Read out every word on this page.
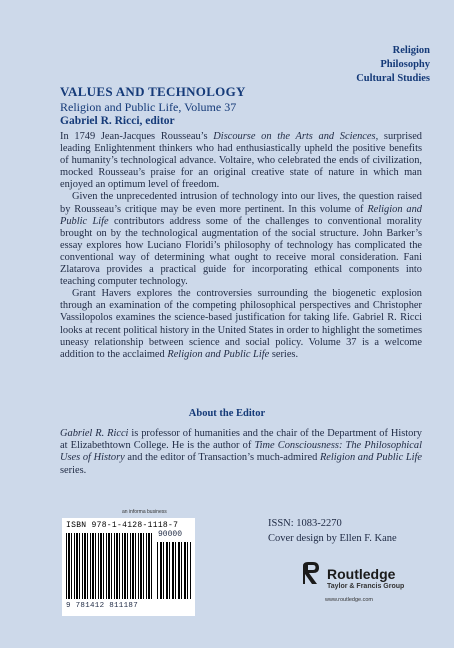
Religion
Philosophy
Cultural Studies
VALUES AND TECHNOLOGY
Religion and Public Life, Volume 37
Gabriel R. Ricci, editor

In 1749 Jean-Jacques Rousseau’s Discourse on the Arts and Sciences, surprised leading Enlightenment thinkers who had enthusiastically upheld the positive benefits of humanity’s technological advance. Voltaire, who celebrated the ends of civilization, mocked Rousseau’s praise for an original creative state of nature in which man enjoyed an optimum level of freedom.

Given the unprecedented intrusion of technology into our lives, the question raised by Rousseau’s critique may be even more pertinent. In this volume of Religion and Public Life contributors address some of the challenges to conventional morality brought on by the technological augmentation of the social structure. John Barker’s essay explores how Luciano Floridi’s philosophy of technology has complicated the conventional way of determining what ought to receive moral consideration. Fani Zlatarova provides a practical guide for incorporating ethical components into teaching computer technology.

Grant Havers explores the controversies surrounding the biogenetic explosion through an examination of the competing philosophical perspectives and Christopher Vassilopolos examines the science-based justification for taking life. Gabriel R. Ricci looks at recent political history in the United States in order to highlight the sometimes uneasy relationship between science and social policy. Volume 37 is a welcome addition to the acclaimed Religion and Public Life series.

About the Editor
Gabriel R. Ricci is professor of humanities and the chair of the Department of History at Elizabethtown College. He is the author of Time Consciousness: The Philosophical Uses of History and the editor of Transaction’s much-admired Religion and Public Life series.
an informa business
ISBN 978-1-4128-1118-7
90000
9 781412 811187
ISSN: 1083-2270
Cover design by Ellen F. Kane
Routledge
Taylor & Francis Group
www.routledge.com
